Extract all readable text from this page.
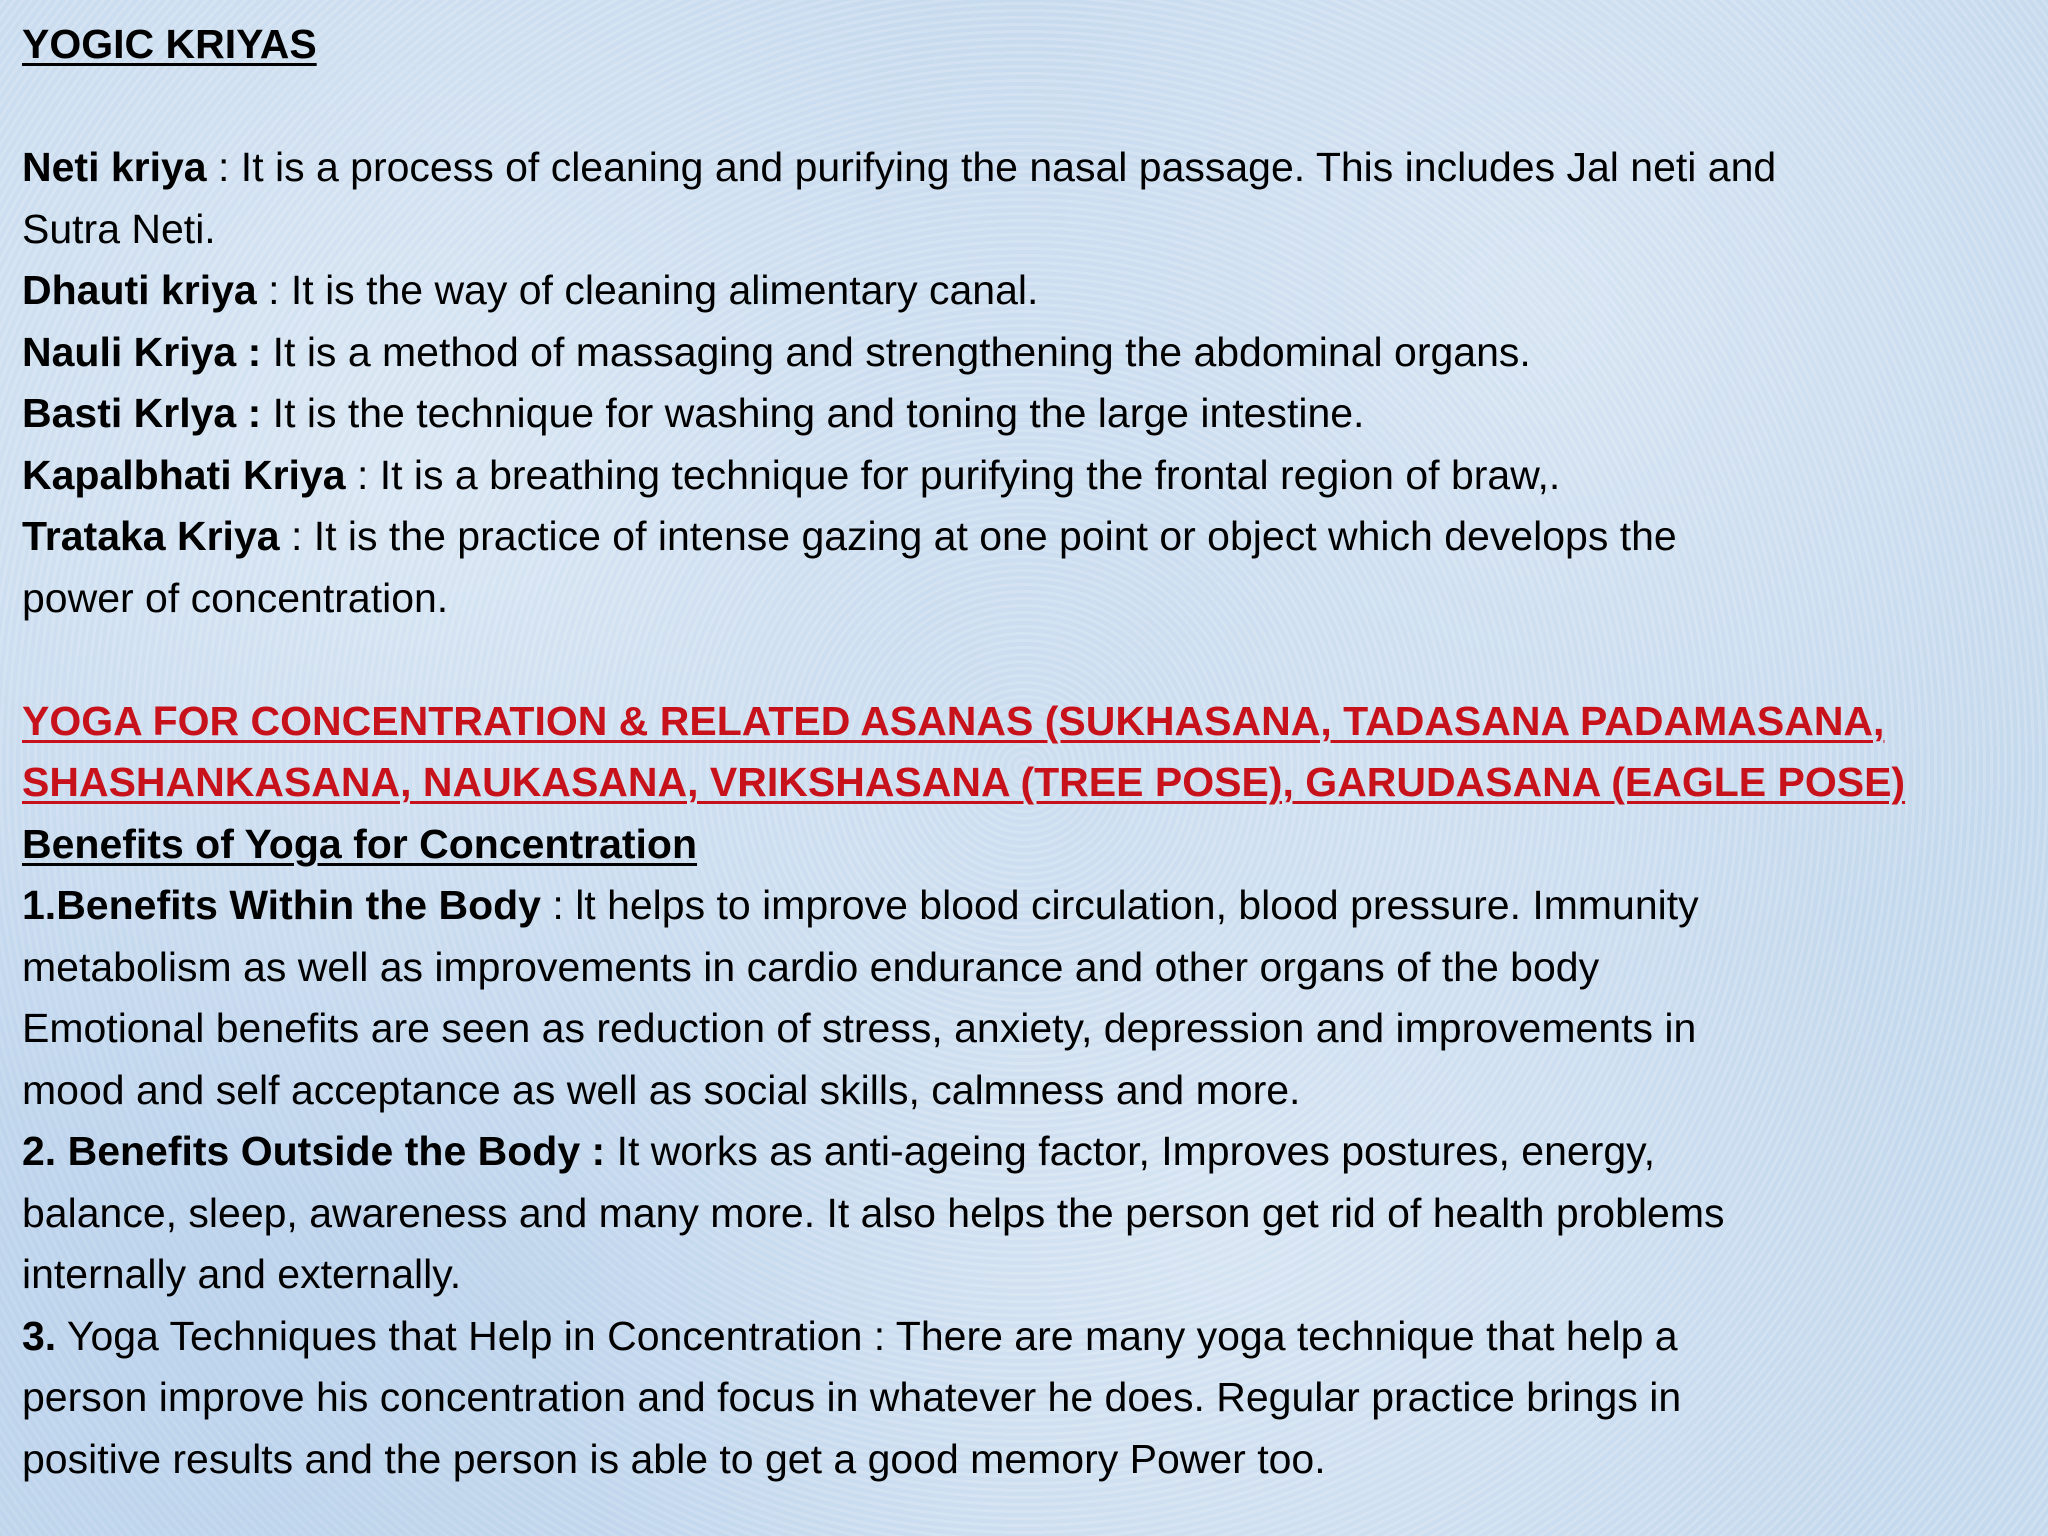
YOGIC KRIYAS
Neti kriya : It is a process of cleaning and purifying the nasal passage. This includes Jal neti and
Sutra Neti.
Dhauti kriya : It is the way of cleaning alimentary canal.
Nauli Kriya : It is a method of massaging and strengthening the abdominal organs.
Basti Krlya : It is the technique for washing and toning the large intestine.
Kapalbhati Kriya : It is a breathing technique for purifying the frontal region of braw,.
Trataka Kriya : It is the practice of intense gazing at one point or object which develops the
power of concentration.
YOGA FOR CONCENTRATION & RELATED ASANAS (SUKHASANA, TADASANA PADAMASANA,
SHASHANKASANA, NAUKASANA, VRIKSHASANA (TREE POSE), GARUDASANA (EAGLE POSE)
Benefits of Yoga for Concentration
1.Benefits Within the Body : lt helps to improve blood circulation, blood pressure. Immunity
metabolism as well as improvements in cardio endurance and other organs of the body
Emotional benefits are seen as reduction of stress, anxiety, depression and improvements in
mood and self acceptance as well as social skills, calmness and more.
2. Benefits Outside the Body : It works as anti-ageing factor, Improves postures, energy,
balance, sleep, awareness and many more. It also helps the person get rid of health problems
internally and externally.
3. Yoga Techniques that Help in Concentration : There are many yoga technique that help a
person improve his concentration and focus in whatever he does. Regular practice brings in
positive results and the person is able to get a good memory Power too.
